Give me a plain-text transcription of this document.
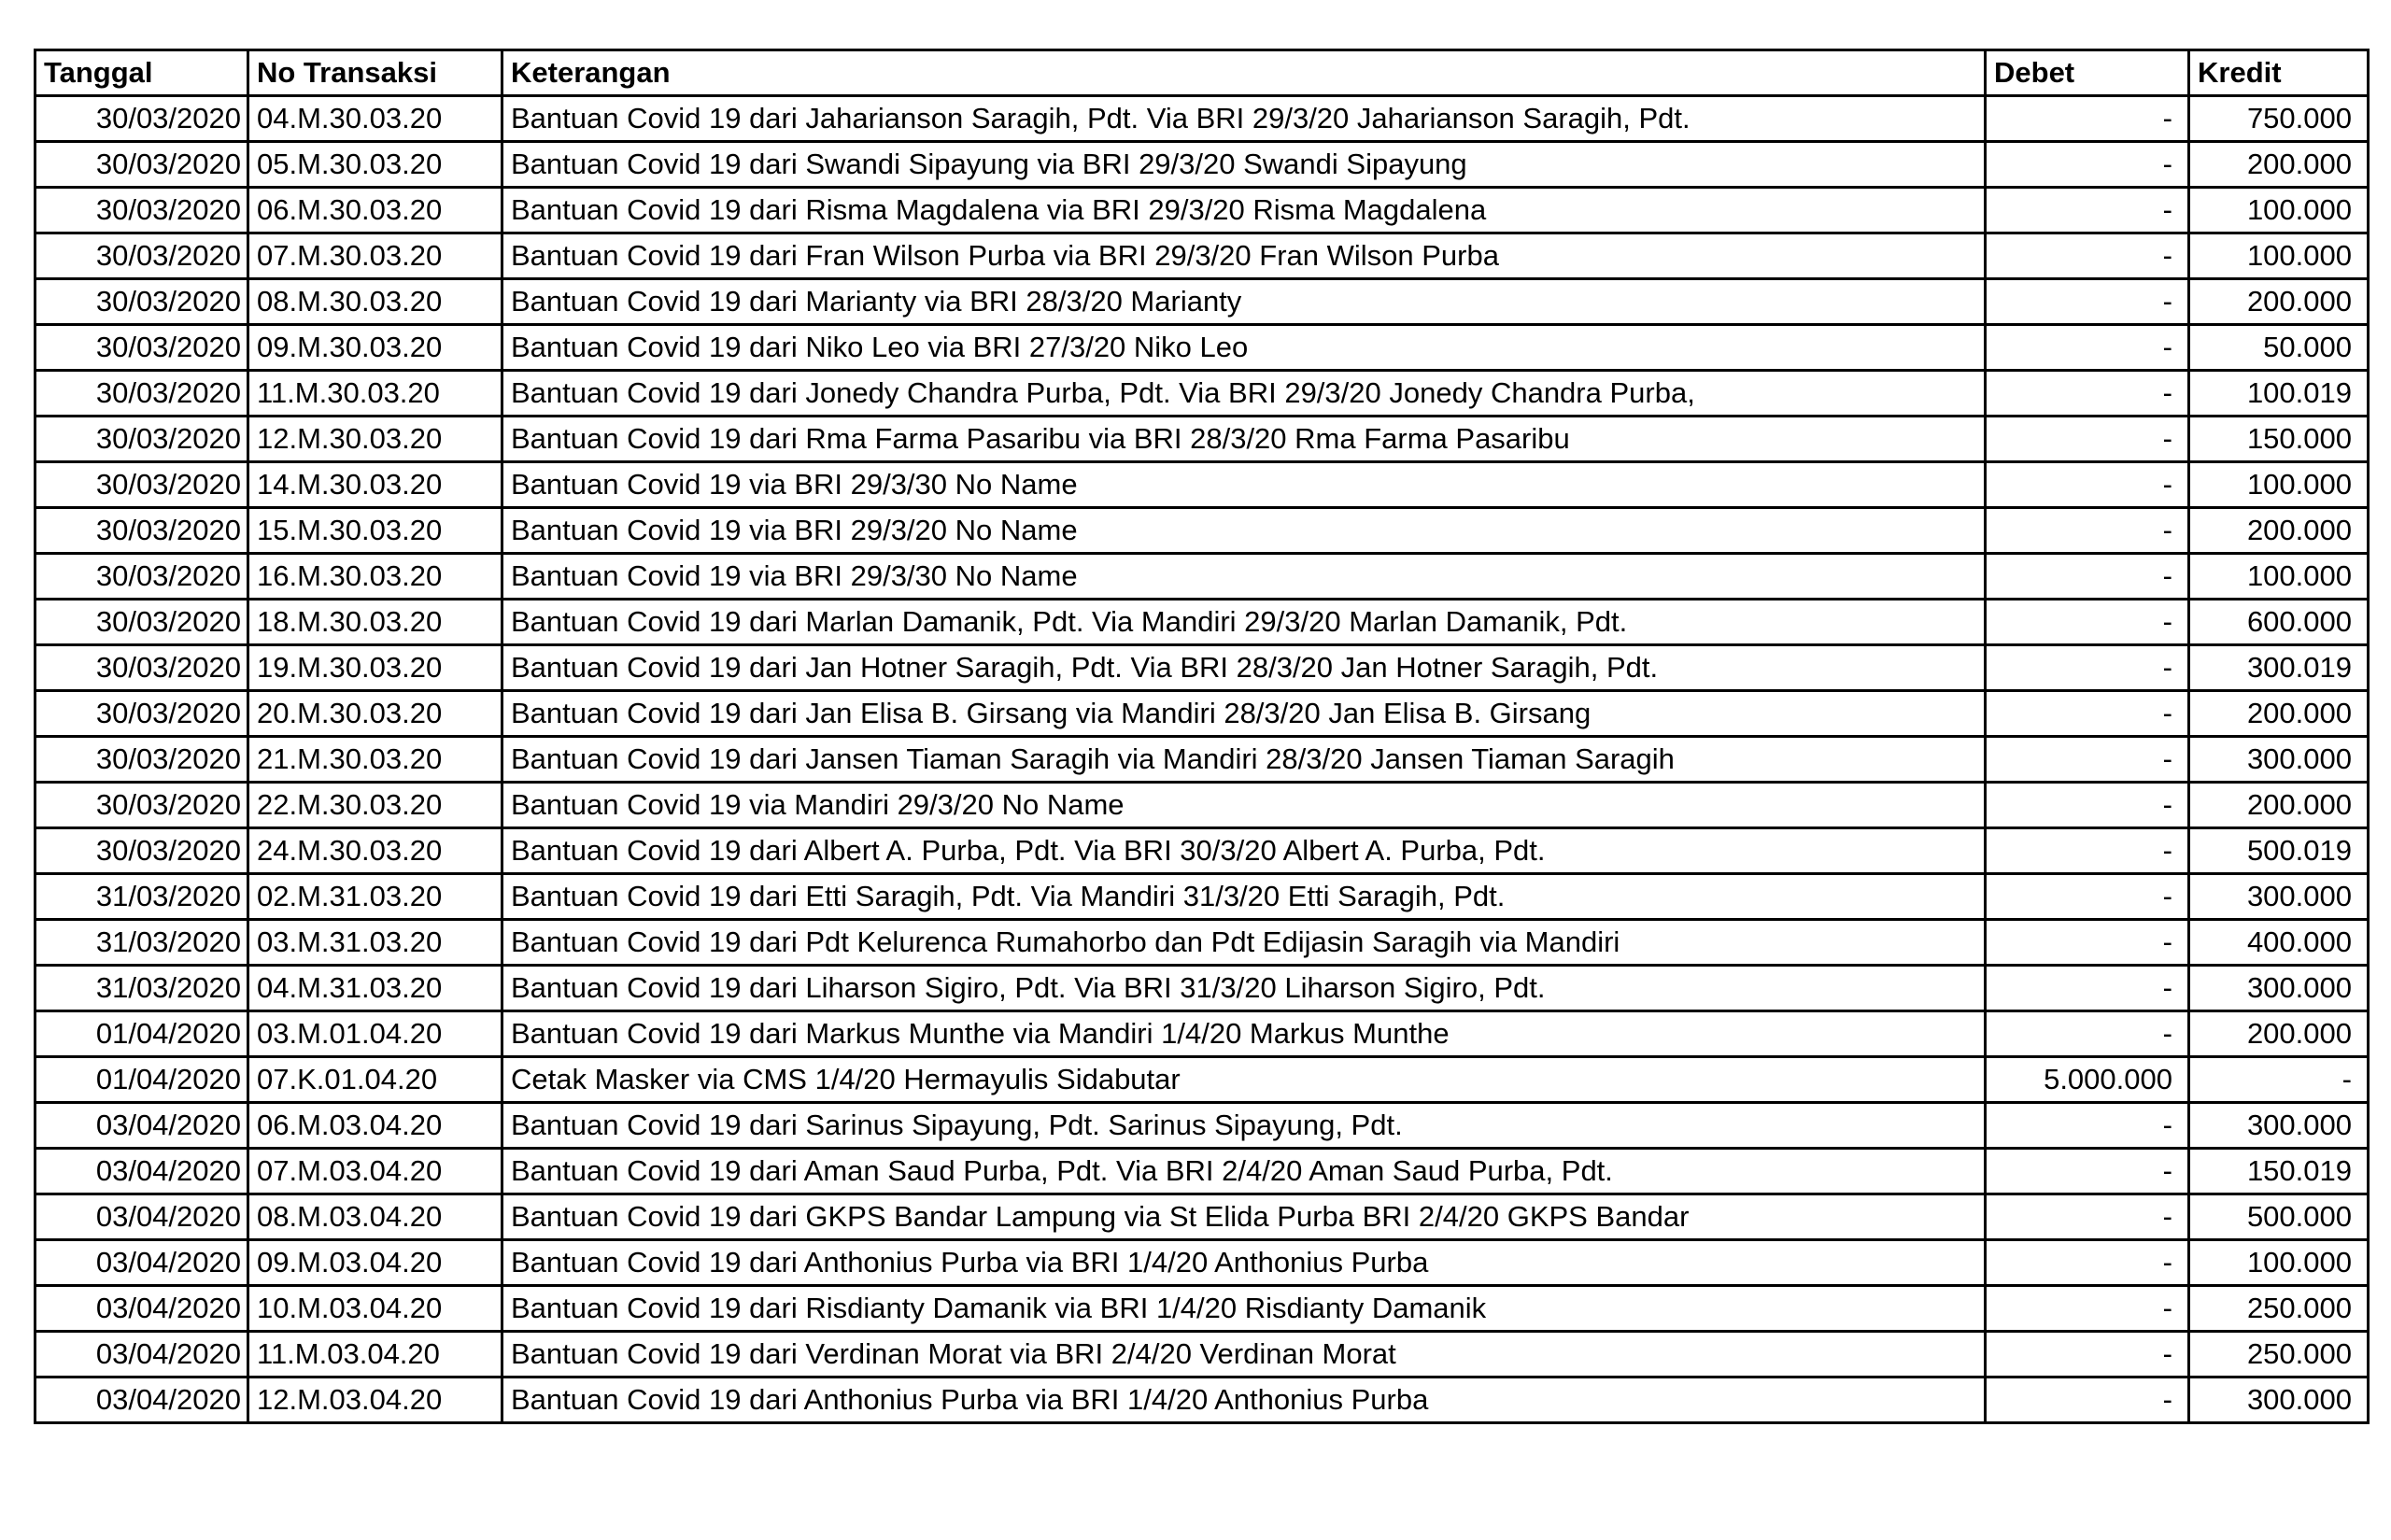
Tanggal	No Transaksi	Keterangan	Debet	Kredit
30/03/2020	04.M.30.03.20	Bantuan Covid 19 dari Jaharianson Saragih, Pdt. Via BRI 29/3/20 Jaharianson Saragih, Pdt.	-	750.000
30/03/2020	05.M.30.03.20	Bantuan Covid 19 dari Swandi Sipayung via BRI 29/3/20 Swandi Sipayung	-	200.000
30/03/2020	06.M.30.03.20	Bantuan Covid 19 dari Risma Magdalena via BRI 29/3/20 Risma Magdalena	-	100.000
30/03/2020	07.M.30.03.20	Bantuan Covid 19 dari Fran Wilson Purba via BRI 29/3/20 Fran Wilson Purba	-	100.000
30/03/2020	08.M.30.03.20	Bantuan Covid 19 dari Marianty via BRI 28/3/20 Marianty	-	200.000
30/03/2020	09.M.30.03.20	Bantuan Covid 19 dari Niko Leo via BRI 27/3/20 Niko Leo	-	50.000
30/03/2020	11.M.30.03.20	Bantuan Covid 19 dari Jonedy Chandra Purba, Pdt. Via BRI 29/3/20 Jonedy Chandra Purba,	-	100.019
30/03/2020	12.M.30.03.20	Bantuan Covid 19 dari Rma Farma Pasaribu via BRI 28/3/20 Rma Farma Pasaribu	-	150.000
30/03/2020	14.M.30.03.20	Bantuan Covid 19 via BRI 29/3/30 No Name	-	100.000
30/03/2020	15.M.30.03.20	Bantuan Covid 19 via BRI 29/3/20 No Name	-	200.000
30/03/2020	16.M.30.03.20	Bantuan Covid 19 via BRI 29/3/30 No Name	-	100.000
30/03/2020	18.M.30.03.20	Bantuan Covid 19 dari Marlan Damanik, Pdt. Via Mandiri 29/3/20 Marlan Damanik, Pdt.	-	600.000
30/03/2020	19.M.30.03.20	Bantuan Covid 19 dari Jan Hotner Saragih, Pdt. Via BRI 28/3/20 Jan Hotner Saragih, Pdt.	-	300.019
30/03/2020	20.M.30.03.20	Bantuan Covid 19 dari Jan Elisa B. Girsang via Mandiri 28/3/20 Jan Elisa B. Girsang	-	200.000
30/03/2020	21.M.30.03.20	Bantuan Covid 19 dari Jansen Tiaman Saragih via Mandiri 28/3/20 Jansen Tiaman Saragih	-	300.000
30/03/2020	22.M.30.03.20	Bantuan Covid 19 via Mandiri 29/3/20 No Name	-	200.000
30/03/2020	24.M.30.03.20	Bantuan Covid 19 dari Albert A. Purba, Pdt. Via BRI 30/3/20 Albert A. Purba, Pdt.	-	500.019
31/03/2020	02.M.31.03.20	Bantuan Covid 19 dari Etti Saragih, Pdt. Via Mandiri 31/3/20 Etti Saragih, Pdt.	-	300.000
31/03/2020	03.M.31.03.20	Bantuan Covid 19 dari Pdt Kelurenca Rumahorbo dan Pdt Edijasin Saragih via Mandiri	-	400.000
31/03/2020	04.M.31.03.20	Bantuan Covid 19 dari Liharson Sigiro, Pdt. Via BRI 31/3/20 Liharson Sigiro, Pdt.	-	300.000
01/04/2020	03.M.01.04.20	Bantuan Covid 19 dari Markus Munthe via Mandiri 1/4/20 Markus Munthe	-	200.000
01/04/2020	07.K.01.04.20	Cetak Masker via CMS 1/4/20 Hermayulis Sidabutar	5.000.000	-
03/04/2020	06.M.03.04.20	Bantuan Covid 19 dari Sarinus Sipayung, Pdt. Sarinus Sipayung, Pdt.	-	300.000
03/04/2020	07.M.03.04.20	Bantuan Covid 19 dari Aman Saud Purba, Pdt. Via BRI 2/4/20 Aman Saud Purba, Pdt.	-	150.019
03/04/2020	08.M.03.04.20	Bantuan Covid 19 dari GKPS Bandar Lampung via St Elida Purba BRI 2/4/20 GKPS Bandar	-	500.000
03/04/2020	09.M.03.04.20	Bantuan Covid 19 dari Anthonius Purba via BRI 1/4/20 Anthonius Purba	-	100.000
03/04/2020	10.M.03.04.20	Bantuan Covid 19 dari Risdianty Damanik via BRI 1/4/20 Risdianty Damanik	-	250.000
03/04/2020	11.M.03.04.20	Bantuan Covid 19 dari Verdinan Morat via BRI 2/4/20 Verdinan Morat	-	250.000
03/04/2020	12.M.03.04.20	Bantuan Covid 19 dari Anthonius Purba via BRI 1/4/20 Anthonius Purba	-	300.000
